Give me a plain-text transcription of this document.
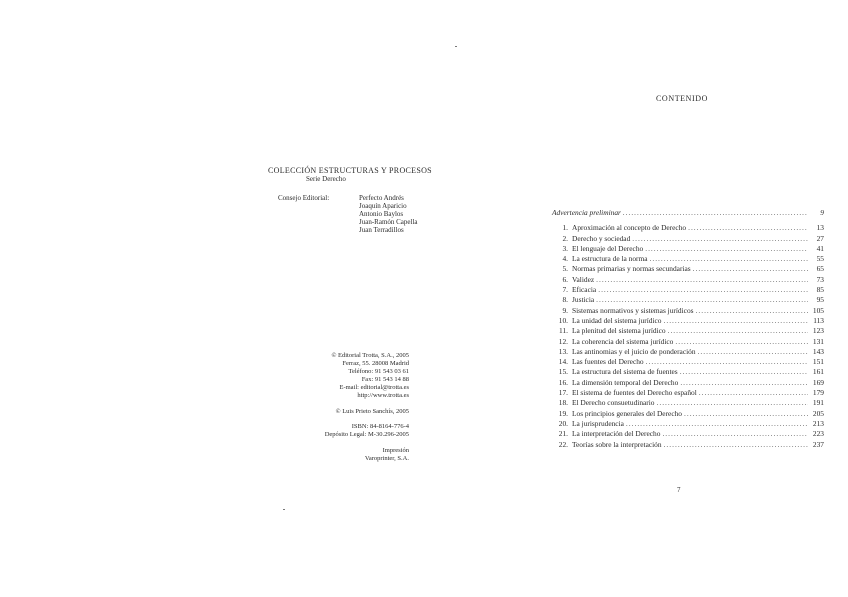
COLECCIÓN ESTRUCTURAS Y PROCESOS
Serie Derecho
Consejo Editorial:	Perfecto Andrés
Joaquín Aparicio
Antonio Baylos
Juan-Ramón Capella
Juan Terradillos
© Editorial Trotta, S.A., 2005
Ferraz, 55. 28008 Madrid
Teléfono: 91 543 03 61
Fax: 91 543 14 88
E-mail: editorial@trotta.es
http://www.trotta.es
© Luis Prieto Sanchís, 2005
ISBN: 84-8164-776-4
Depósito Legal: M-30.296-2005
Impresión
Varoprinter, S.A.
CONTENIDO
Advertencia preliminar .....	9
1. Aproximación al concepto de Derecho .....	13
2. Derecho y sociedad .....	27
3. El lenguaje del Derecho .....	41
4. La estructura de la norma .....	55
5. Normas primarias y normas secundarias .....	65
6. Validez .....	73
7. Eficacia .....	85
8. Justicia .....	95
9. Sistemas normativos y sistemas jurídicos .....	105
10. La unidad del sistema jurídico .....	113
11. La plenitud del sistema jurídico .....	123
12. La coherencia del sistema jurídico .....	131
13. Las antinomias y el juicio de ponderación .....	143
14. Las fuentes del Derecho .....	151
15. La estructura del sistema de fuentes .....	161
16. La dimensión temporal del Derecho .....	169
17. El sistema de fuentes del Derecho español .....	179
18. El Derecho consuetudinario .....	191
19. Los principios generales del Derecho .....	205
20. La jurisprudencia .....	213
21. La interpretación del Derecho .....	223
22. Teorías sobre la interpretación .....	237
7
